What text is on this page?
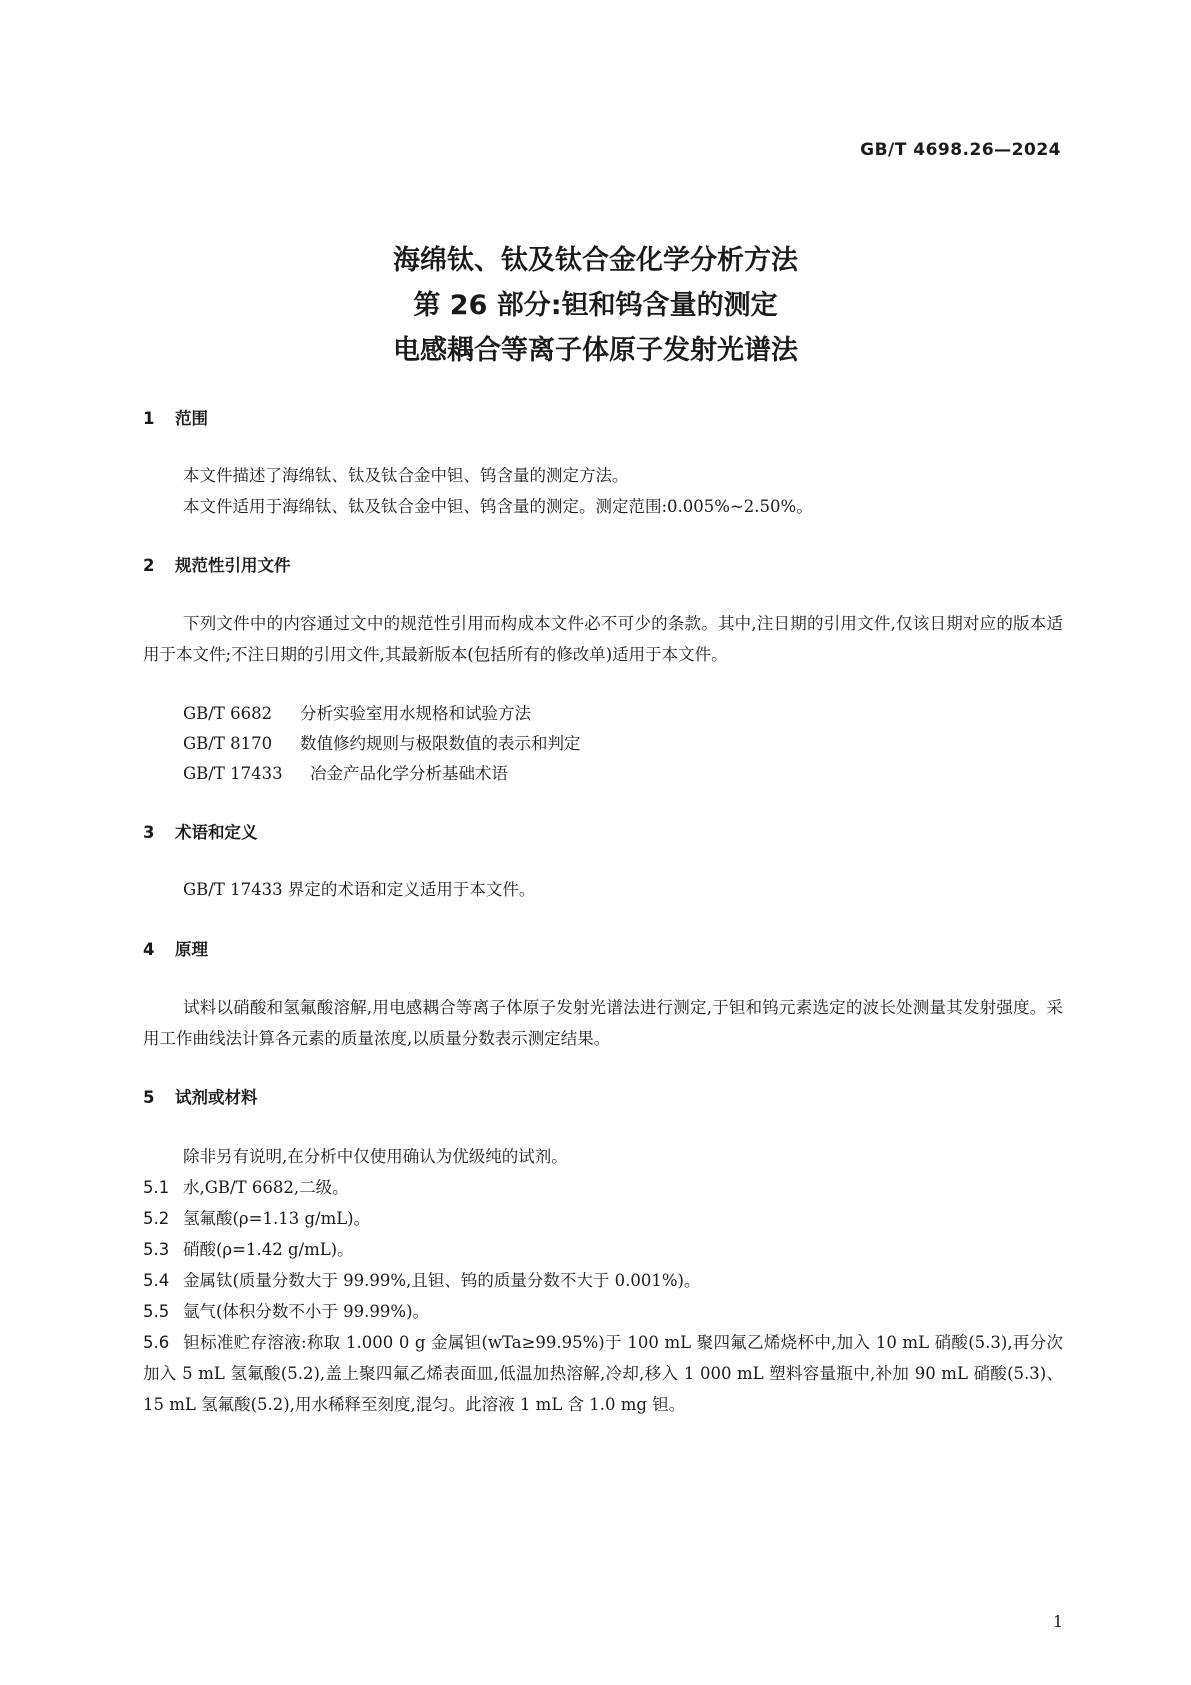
GB/T 4698.26—2024

海绵钛、钛及钛合金化学分析方法

第 26 部分:钽和钨含量的测定

电感耦合等离子体原子发射光谱法

1 范围

本文件描述了海绵钛、钛及钛合金中钽、钨含量的测定方法。

本文件适用于海绵钛、钛及钛合金中钽、钨含量的测定。测定范围:0.005%~2.50%。

2 规范性引用文件

下列文件中的内容通过文中的规范性引用而构成本文件必不可少的条款。其中,注日期的引用文件,仅该日期对应的版本适用于本文件;不注日期的引用文件,其最新版本(包括所有的修改单)适用于本文件。

GB/T 6682 分析实验室用水规格和试验方法

GB/T 8170 数值修约规则与极限数值的表示和判定

GB/T 17433 冶金产品化学分析基础术语

3 术语和定义

GB/T 17433 界定的术语和定义适用于本文件。

4 原理

试料以硝酸和氢氟酸溶解,用电感耦合等离子体原子发射光谱法进行测定,于钽和钨元素选定的波长处测量其发射强度。采用工作曲线法计算各元素的质量浓度,以质量分数表示测定结果。

5 试剂或材料

除非另有说明,在分析中仅使用确认为优级纯的试剂。

5.1 水,GB/T 6682,二级。

5.2 氢氟酸(ρ=1.13 g/mL)。

5.3 硝酸(ρ=1.42 g/mL)。

5.4 金属钛(质量分数大于 99.99%,且钽、钨的质量分数不大于 0.001%)。

5.5 氩气(体积分数不小于 99.99%)。

5.6 钽标准贮存溶液:称取 1.000 0 g 金属钽(wTa≥99.95%)于 100 mL 聚四氟乙烯烧杯中,加入 10 mL 硝酸(5.3),再分次加入 5 mL 氢氟酸(5.2),盖上聚四氟乙烯表面皿,低温加热溶解,冷却,移入 1 000 mL 塑料容量瓶中,补加 90 mL 硝酸(5.3)、15 mL 氢氟酸(5.2),用水稀释至刻度,混匀。此溶液 1 mL 含 1.0 mg 钽。

1
